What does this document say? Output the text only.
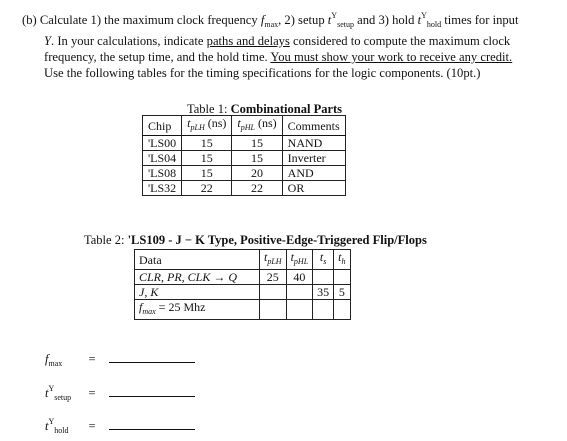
(b) Calculate 1) the maximum clock frequency $f_{max}$, 2) setup $t^Y_{setup}$ and 3) hold $t^Y_{hold}$ times for input
Y. In your calculations, indicate paths and delays considered to compute the maximum clock
frequency, the setup time, and the hold time. You must show your work to receive any credit.
Use the following tables for the timing specifications for the logic components. (10pt.)
Table 1: Combinational Parts
Chip	$t_{pLH}$ (ns)	$t_{pHL}$ (ns)	Comments
'LS00	15	15	NAND
'LS04	15	15	Inverter
'LS08	15	20	AND
'LS32	22	22	OR
Table 2: 'LS109 - J − K Type, Positive-Edge-Triggered Flip/Flops
Data	$t_{pLH}$	$t_{pHL}$	$t_s$	$t_h$
CLR, PR, CLK → Q	25	40		
J, K			35	5
$f_{max} = 25$ Mhz				
$f_{max}$ =
$t^Y_{setup}$ =
$t^Y_{hold}$ =
